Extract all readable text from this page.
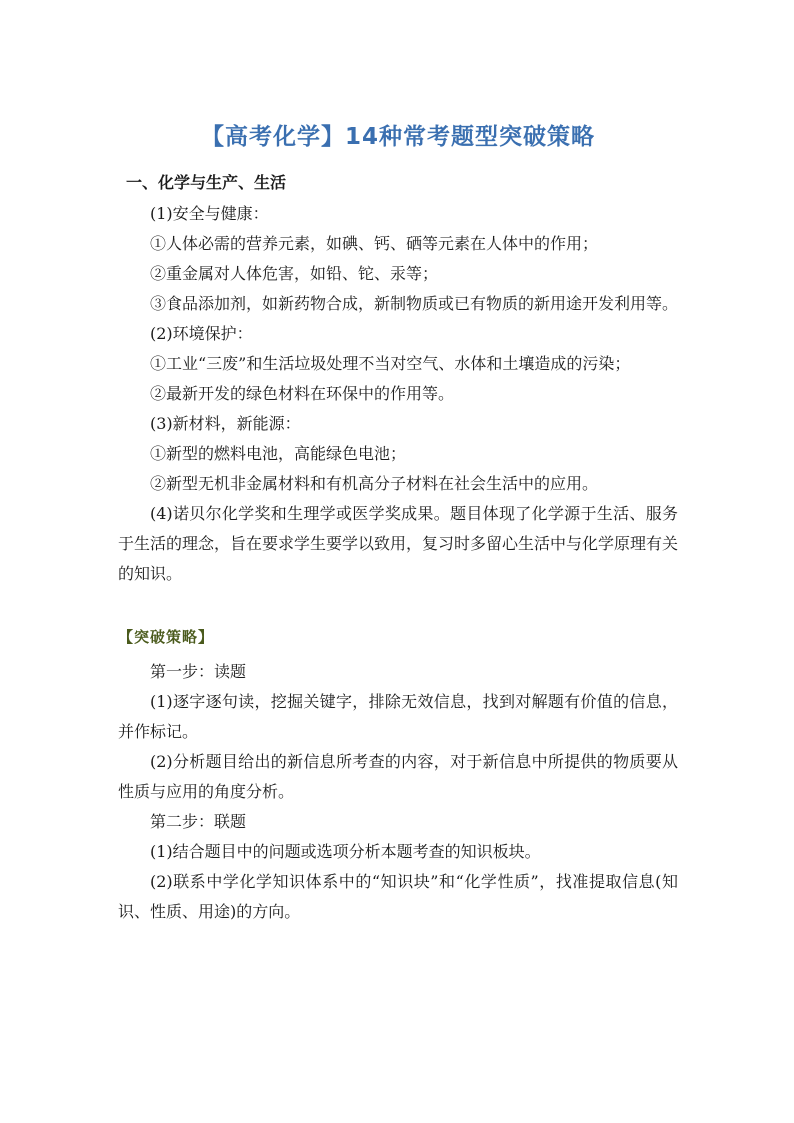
【高考化学】14种常考题型突破策略
一、化学与生产、生活

(1)安全与健康：

①人体必需的营养元素，如碘、钙、硒等元素在人体中的作用；

②重金属对人体危害，如铅、铊、汞等；

③食品添加剂，如新药物合成，新制物质或已有物质的新用途开发利用等。

(2)环境保护：

①工业“三废”和生活垃圾处理不当对空气、水体和土壤造成的污染；

②最新开发的绿色材料在环保中的作用等。

(3)新材料，新能源：

①新型的燃料电池，高能绿色电池；

②新型无机非金属材料和有机高分子材料在社会生活中的应用。

(4)诺贝尔化学奖和生理学或医学奖成果。题目体现了化学源于生活、服务于生活的理念，旨在要求学生要学以致用，复习时多留心生活中与化学原理有关的知识。

【突破策略】

第一步：读题

(1)逐字逐句读，挖掘关键字，排除无效信息，找到对解题有价值的信息，并作标记。

(2)分析题目给出的新信息所考查的内容，对于新信息中所提供的物质要从性质与应用的角度分析。

第二步：联题

(1)结合题目中的问题或选项分析本题考查的知识板块。

(2)联系中学化学知识体系中的“知识块”和“化学性质”，找准提取信息(知识、性质、用途)的方向。
